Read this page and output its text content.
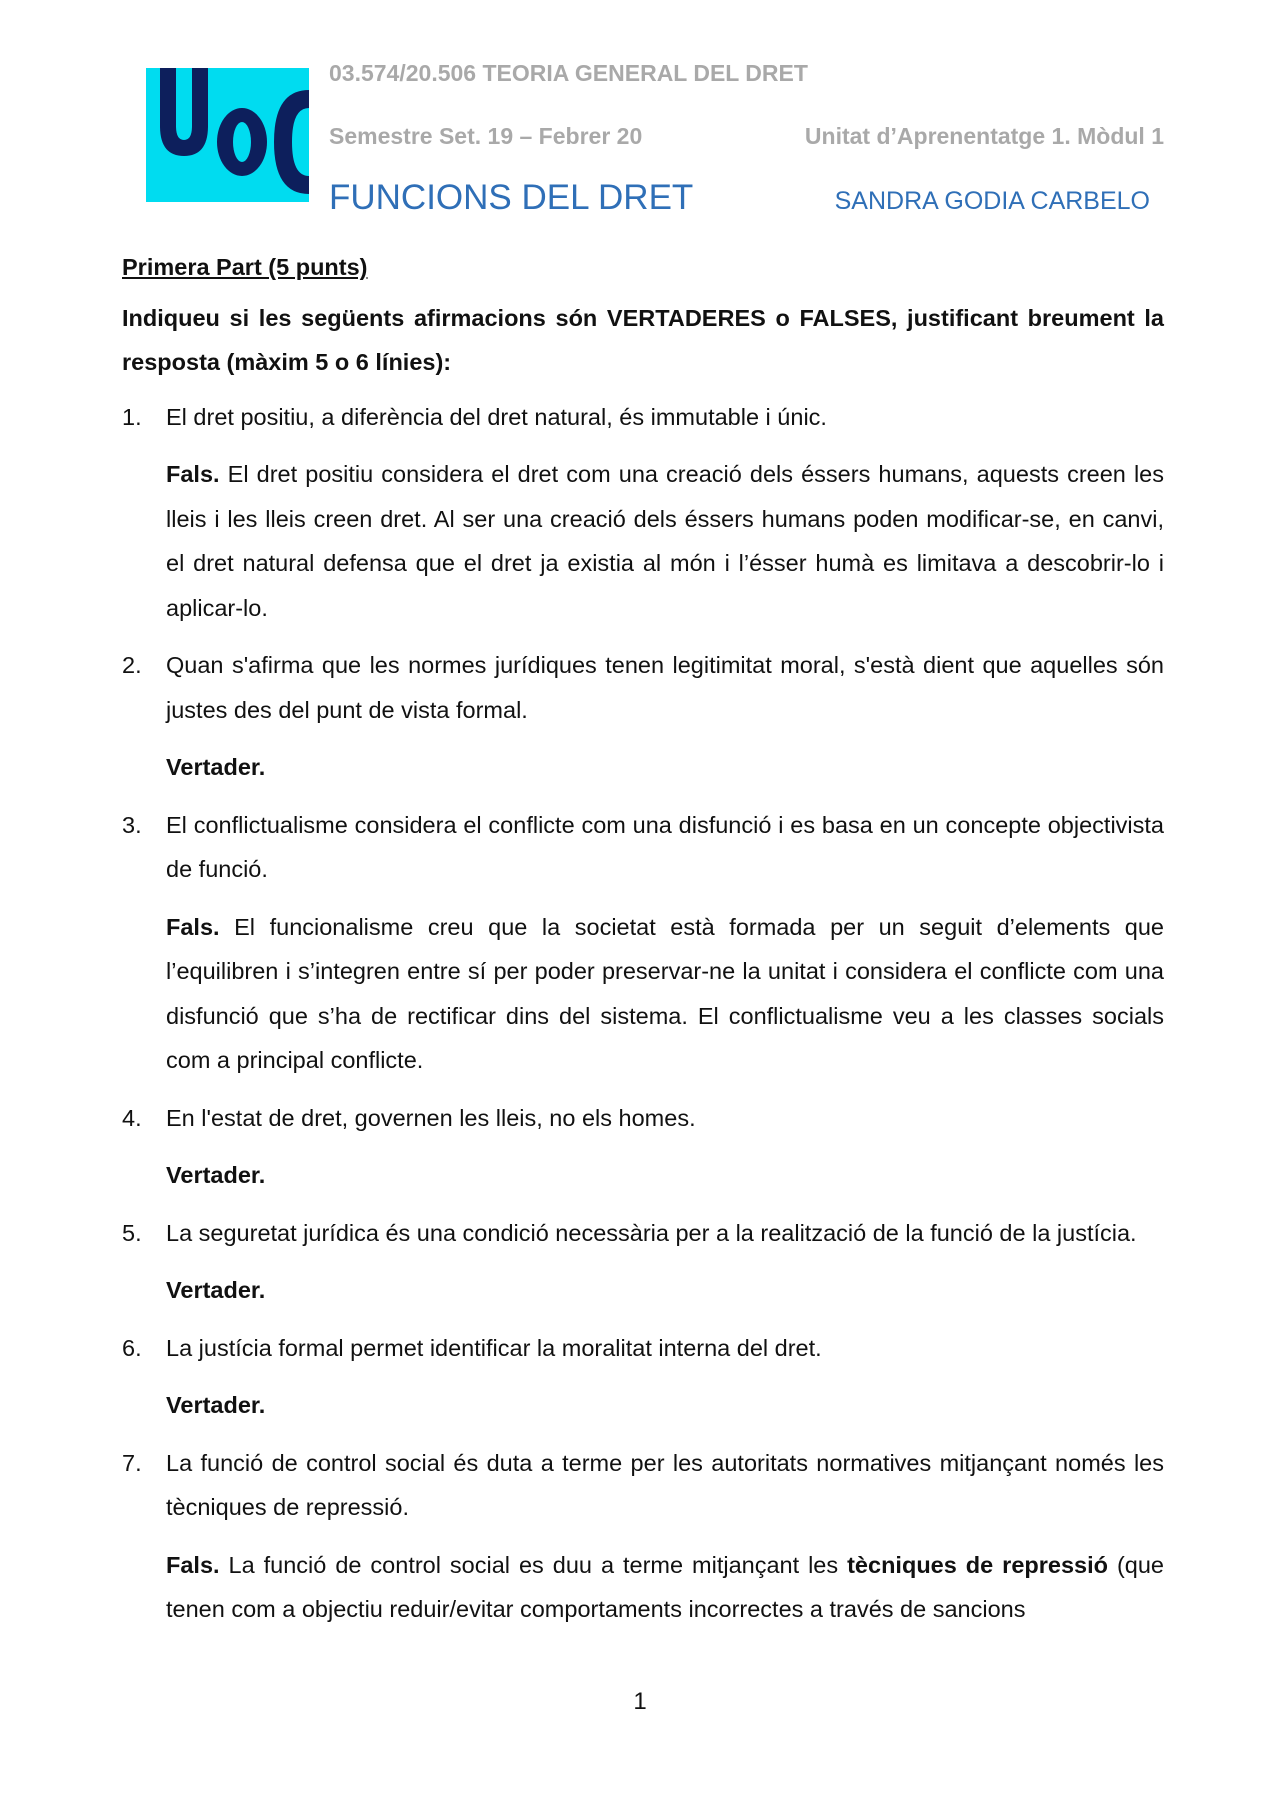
03.574/20.506 TEORIA GENERAL DEL DRET
Semestre Set. 19 – Febrer 20	Unitat d’Aprenentatge 1. Mòdul 1
FUNCIONS DEL DRET	SANDRA GODIA CARBELO

Primera Part (5 punts)

Indiqueu si les següents afirmacions són VERTADERES o FALSES, justificant breument la resposta (màxim 5 o 6 línies):

1.	El dret positiu, a diferència del dret natural, és immutable i únic.

Fals. El dret positiu considera el dret com una creació dels éssers humans, aquests creen les lleis i les lleis creen dret. Al ser una creació dels éssers humans poden modificar-se, en canvi, el dret natural defensa que el dret ja existia al món i l’ésser humà es limitava a descobrir-lo i aplicar-lo.

2.	Quan s'afirma que les normes jurídiques tenen legitimitat moral, s'està dient que aquelles són justes des del punt de vista formal.

Vertader.

3.	El conflictualisme considera el conflicte com una disfunció i es basa en un concepte objectivista de funció.

Fals. El funcionalisme creu que la societat està formada per un seguit d’elements que l’equilibren i s’integren entre sí per poder preservar-ne la unitat i considera el conflicte com una disfunció que s’ha de rectificar dins del sistema. El conflictualisme veu a les classes socials com a principal conflicte.

4.	En l'estat de dret, governen les lleis, no els homes.

Vertader.

5.	La seguretat jurídica és una condició necessària per a la realització de la funció de la justícia.

Vertader.

6.	La justícia formal permet identificar la moralitat interna del dret.

Vertader.

7.	La funció de control social és duta a terme per les autoritats normatives mitjançant només les tècniques de repressió.

Fals. La funció de control social es duu a terme mitjançant les tècniques de repressió (que tenen com a objectiu reduir/evitar comportaments incorrectes a través de sancions

1
